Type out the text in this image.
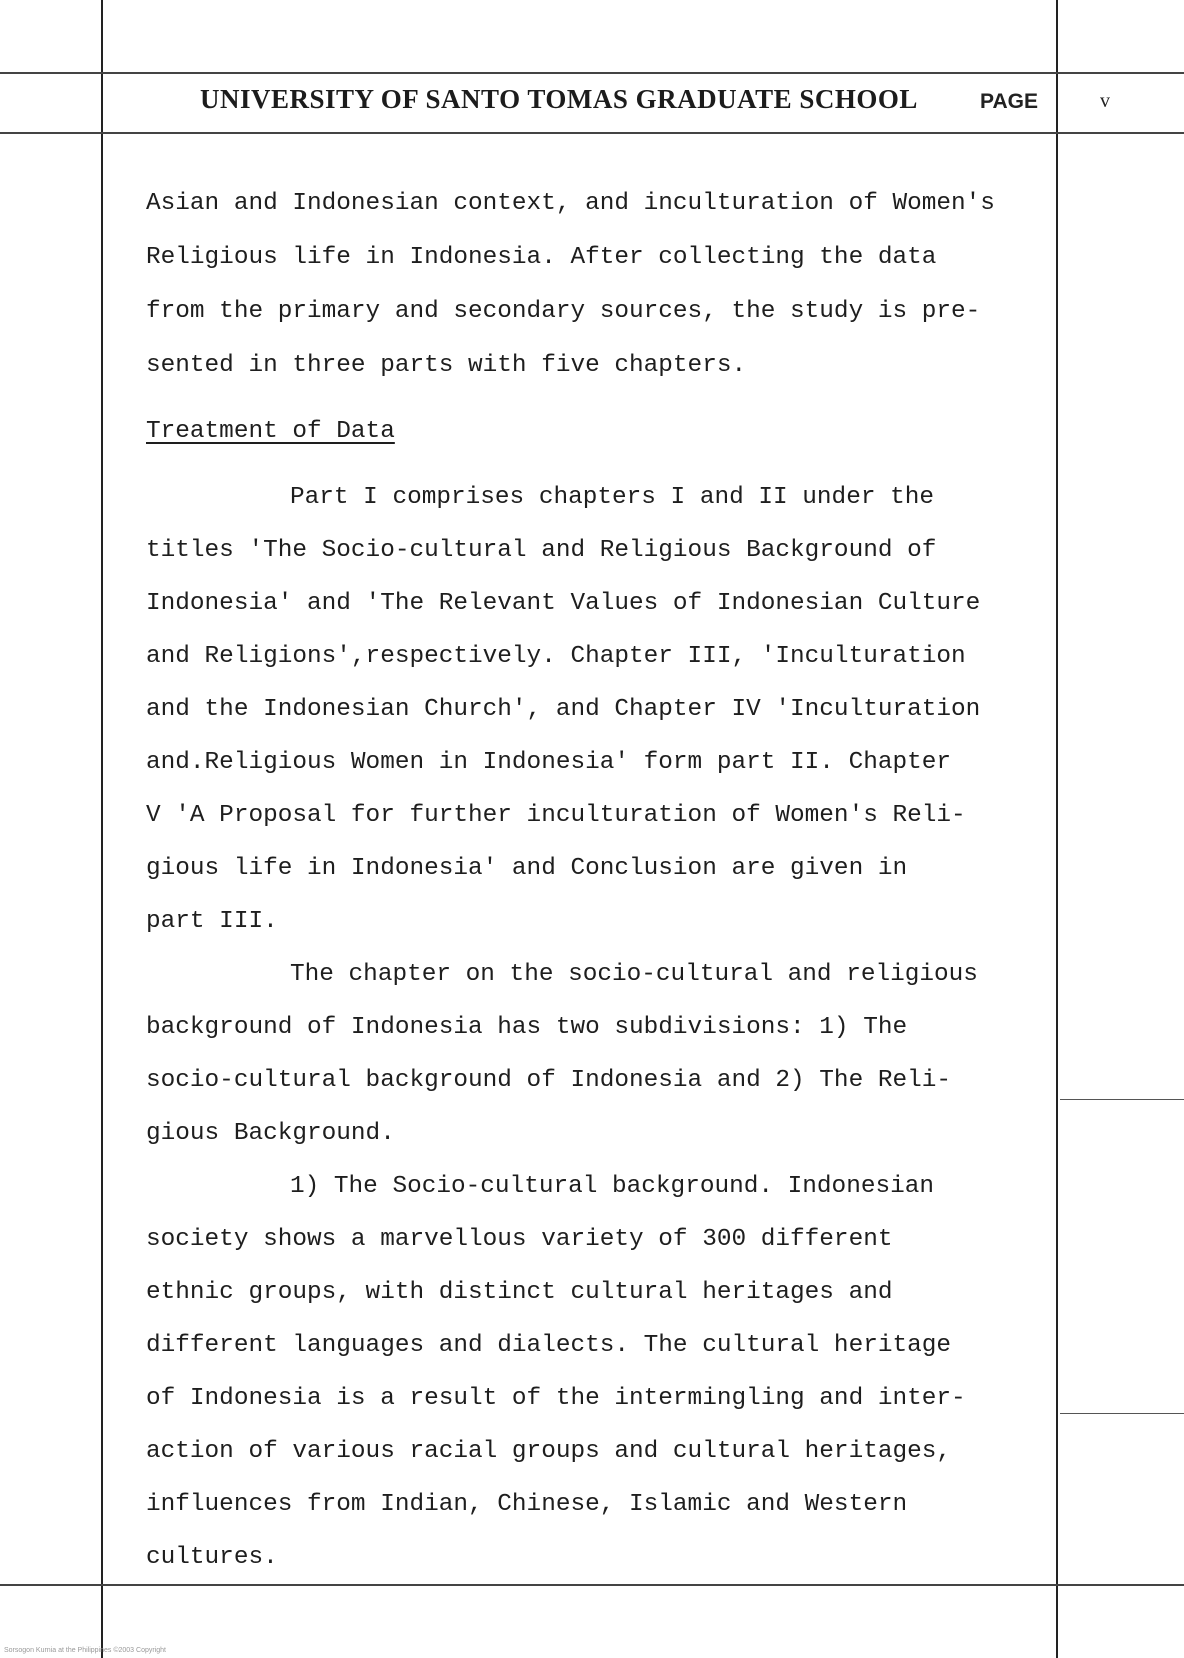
UNIVERSITY OF SANTO TOMAS GRADUATE SCHOOL	PAGE	v
Asian and Indonesian context, and inculturation of Women's
Religious life in Indonesia. After collecting the data
from the primary and secondary sources, the study is pre-
sented in three parts with five chapters.
Treatment of Data
Part I comprises chapters I and II under the
titles 'The Socio-cultural and Religious Background of
Indonesia' and 'The Relevant Values of Indonesian Culture
and Religions',respectively. Chapter III, 'Inculturation
and the Indonesian Church', and Chapter IV 'Inculturation
and.Religious Women in Indonesia' form part II. Chapter
V 'A Proposal for further inculturation of Women's Reli-
gious life in Indonesia' and Conclusion are given in
part III.
The chapter on the socio-cultural and religious
background of Indonesia has two subdivisions: 1) The
socio-cultural background of Indonesia and 2) The Reli-
gious Background.
1) The Socio-cultural background. Indonesian
society shows a marvellous variety of 300 different
ethnic groups, with distinct cultural heritages and
different languages and dialects. The cultural heritage
of Indonesia is a result of the intermingling and inter-
action of various racial groups and cultural heritages,
influences from Indian, Chinese, Islamic and Western
cultures.
Sorsogon Kurnia at the Philippines ©2003 Copyright
